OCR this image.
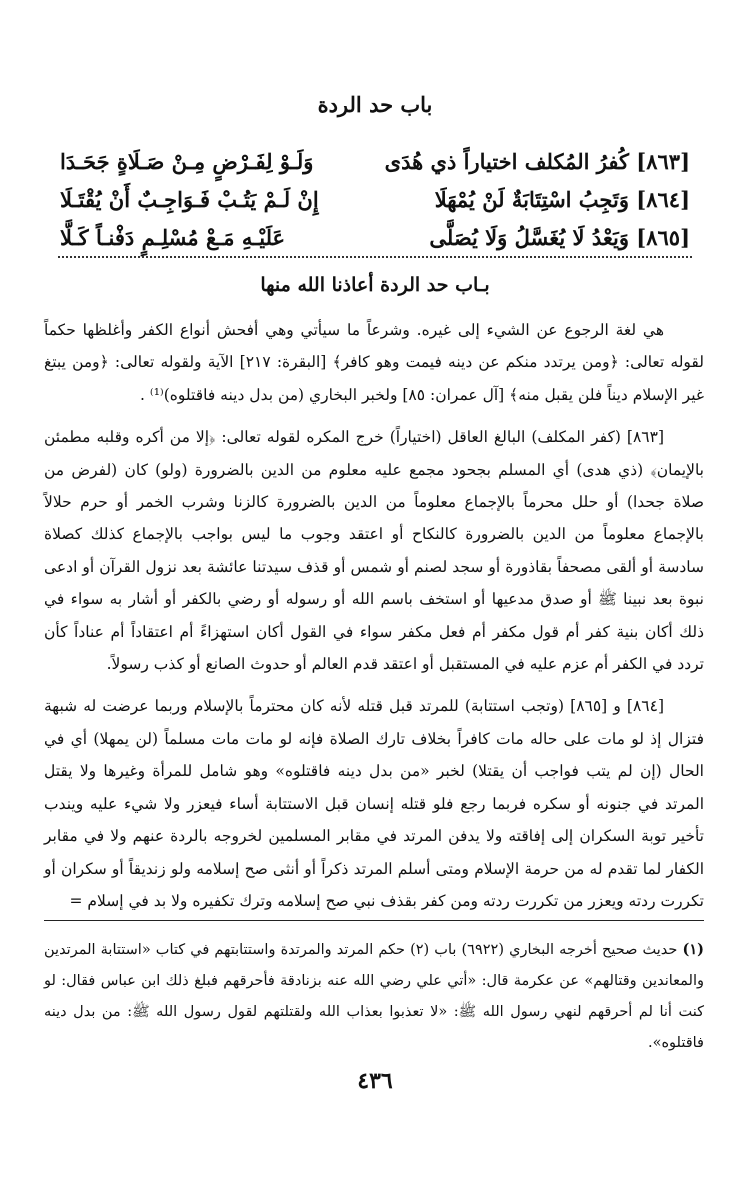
باب حد الردة
[٨٦٣] كُفرُ المُكلف اختياراً ذي هُدَى
وَلَـوْ لِفَـرْضٍ مِـنْ صَـلَاةٍ جَحَـدَا
[٨٦٤] وَتَجِبُ اسْتِتَابَةٌ لَنْ يُمْهَلَا
إِنْ لَـمْ يَتُـبْ فَـوَاجِـبٌ أَنْ يُقْتَـلَا
[٨٦٥] وَيَعْدُ لَا يُغَسَّلُ وَلَا يُصَلَّى
عَلَيْـهِ مَـعْ مُسْلِـمٍ دَفْنـاً كَـلَّا
بـاب حد الردة أعاذنا الله منها

هي لغة الرجوع عن الشيء إلى غيره. وشرعاً ما سيأتي وهي أفحش أنواع الكفر وأغلظها حكماً لقوله تعالى: ﴿ومن يرتدد منكم عن دينه فيمت وهو كافر﴾ [البقرة: ٢١٧] الآية ولقوله تعالى: ﴿ومن يبتغ غير الإسلام ديناً فلن يقبل منه﴾ [آل عمران: ٨٥] ولخبر البخاري (من بدل دينه فاقتلوه)⁽¹⁾ .

[٨٦٣] (كفر المكلف) البالغ العاقل (اختياراً) خرج المكره لقوله تعالى: ﴿إلا من أكره وقلبه مطمئن بالإيمان﴾ (ذي هدى) أي المسلم بجحود مجمع عليه معلوم من الدين بالضرورة (ولو) كان (لفرض من صلاة جحدا) أو حلل محرماً بالإجماع معلوماً من الدين بالضرورة كالزنا وشرب الخمر أو حرم حلالاً بالإجماع معلوماً من الدين بالضرورة كالنكاح أو اعتقد وجوب ما ليس بواجب بالإجماع كذلك كصلاة سادسة أو ألقى مصحفاً بقاذورة أو سجد لصنم أو شمس أو قذف سيدتنا عائشة بعد نزول القرآن أو ادعى نبوة بعد نبينا ﷺ أو صدق مدعيها أو استخف باسم الله أو رسوله أو رضي بالكفر أو أشار به سواء في ذلك أكان بنية كفر أم قول مكفر أم فعل مكفر سواء في القول أكان استهزاءً أم اعتقاداً أم عناداً كأن تردد في الكفر أم عزم عليه في المستقبل أو اعتقد قدم العالم أو حدوث الصانع أو كذب رسولاً.

[٨٦٤] و [٨٦٥] (وتجب استتابة) للمرتد قبل قتله لأنه كان محترماً بالإسلام وربما عرضت له شبهة فتزال إذ لو مات على حاله مات كافراً بخلاف تارك الصلاة فإنه لو مات مات مسلماً (لن يمهلا) أي في الحال (إن لم يتب فواجب أن يقتلا) لخبر «من بدل دينه فاقتلوه» وهو شامل للمرأة وغيرها ولا يقتل المرتد في جنونه أو سكره فربما رجع فلو قتله إنسان قبل الاستتابة أساء فيعزر ولا شيء عليه ويندب تأخير توبة السكران إلى إفاقته ولا يدفن المرتد في مقابر المسلمين لخروجه بالردة عنهم ولا في مقابر الكفار لما تقدم له من حرمة الإسلام ومتى أسلم المرتد ذكراً أو أنثى صح إسلامه ولو زنديقاً أو سكران أو تكررت ردته ويعزر من تكررت ردته ومن كفر بقذف نبي صح إسلامه وترك تكفيره ولا بد في إسلام =

(١) حديث صحيح أخرجه البخاري (٦٩٢٢) باب (٢) حكم المرتد والمرتدة واستتابتهم في كتاب «استتابة المرتدين والمعاندين وقتالهم» عن عكرمة قال: «أتي علي رضي الله عنه بزنادقة فأحرقهم فبلغ ذلك ابن عباس فقال: لو كنت أنا لم أحرقهم لنهي رسول الله ﷺ: «لا تعذبوا بعذاب الله ولقتلتهم لقول رسول الله ﷺ: من بدل دينه فاقتلوه».
٤٣٦
